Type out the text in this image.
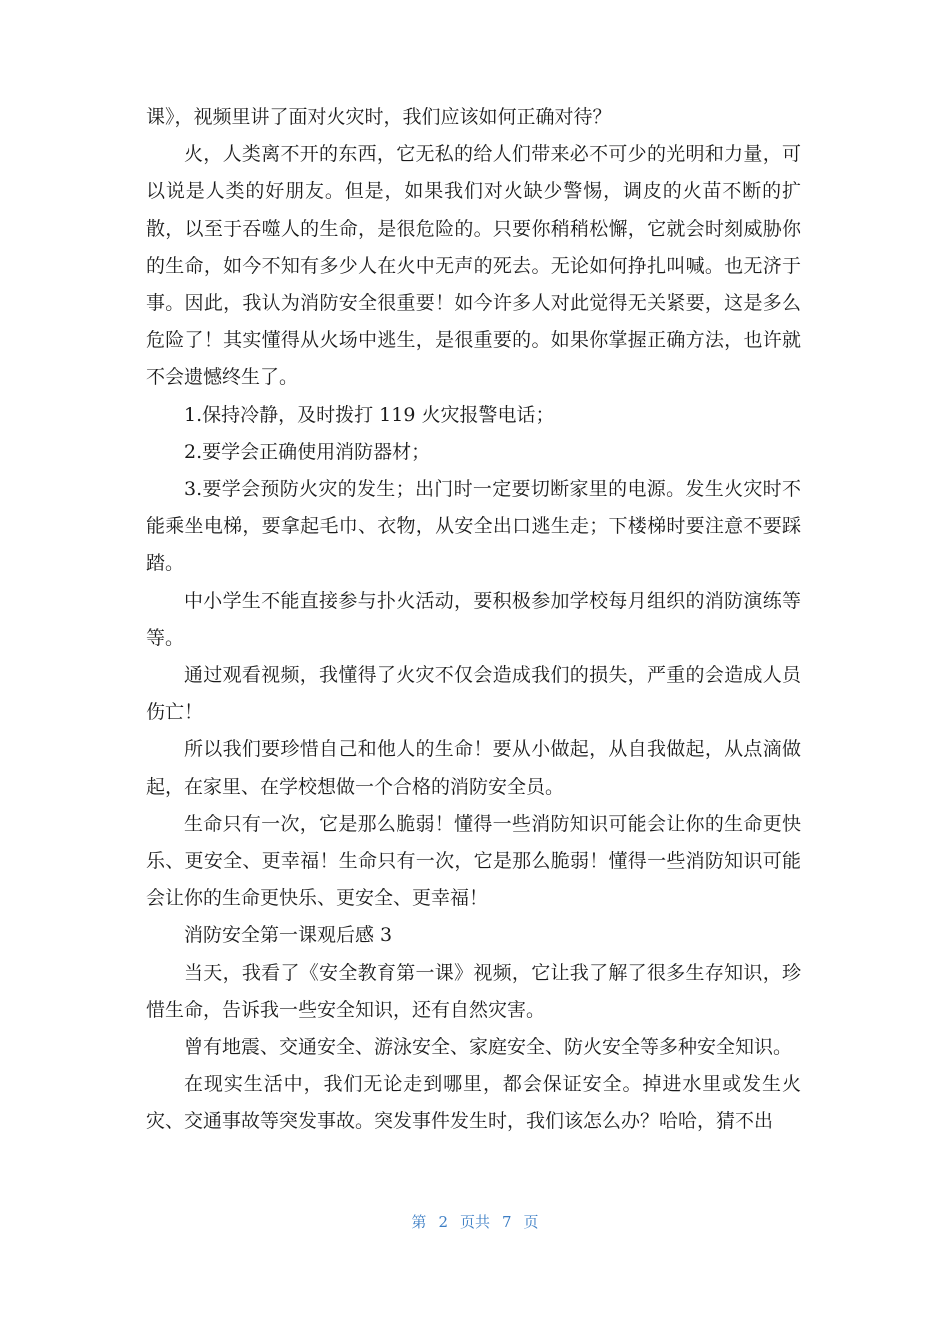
课》，视频里讲了面对火灾时，我们应该如何正确对待？

火，人类离不开的东西，它无私的给人们带来必不可少的光明和力量，可以说是人类的好朋友。但是，如果我们对火缺少警惕，调皮的火苗不断的扩散，以至于吞噬人的生命，是很危险的。只要你稍稍松懈，它就会时刻威胁你的生命，如今不知有多少人在火中无声的死去。无论如何挣扎叫喊。也无济于事。因此，我认为消防安全很重要！如今许多人对此觉得无关紧要，这是多么危险了！其实懂得从火场中逃生，是很重要的。如果你掌握正确方法，也许就不会遗憾终生了。

1.保持冷静，及时拨打 119 火灾报警电话；

2.要学会正确使用消防器材；

3.要学会预防火灾的发生；出门时一定要切断家里的电源。发生火灾时不能乘坐电梯，要拿起毛巾、衣物，从安全出口逃生走；下楼梯时要注意不要踩踏。

中小学生不能直接参与扑火活动，要积极参加学校每月组织的消防演练等等。

通过观看视频，我懂得了火灾不仅会造成我们的损失，严重的会造成人员伤亡！

所以我们要珍惜自己和他人的生命！要从小做起，从自我做起，从点滴做起，在家里、在学校想做一个合格的消防安全员。

生命只有一次，它是那么脆弱！懂得一些消防知识可能会让你的生命更快乐、更安全、更幸福！生命只有一次，它是那么脆弱！懂得一些消防知识可能会让你的生命更快乐、更安全、更幸福！

消防安全第一课观后感 3

当天，我看了《安全教育第一课》视频，它让我了解了很多生存知识，珍惜生命，告诉我一些安全知识，还有自然灾害。

曾有地震、交通安全、游泳安全、家庭安全、防火安全等多种安全知识。

在现实生活中，我们无论走到哪里，都会保证安全。掉进水里或发生火灾、交通事故等突发事故。突发事件发生时，我们该怎么办？哈哈，猜不出

第 2 页共 7 页
